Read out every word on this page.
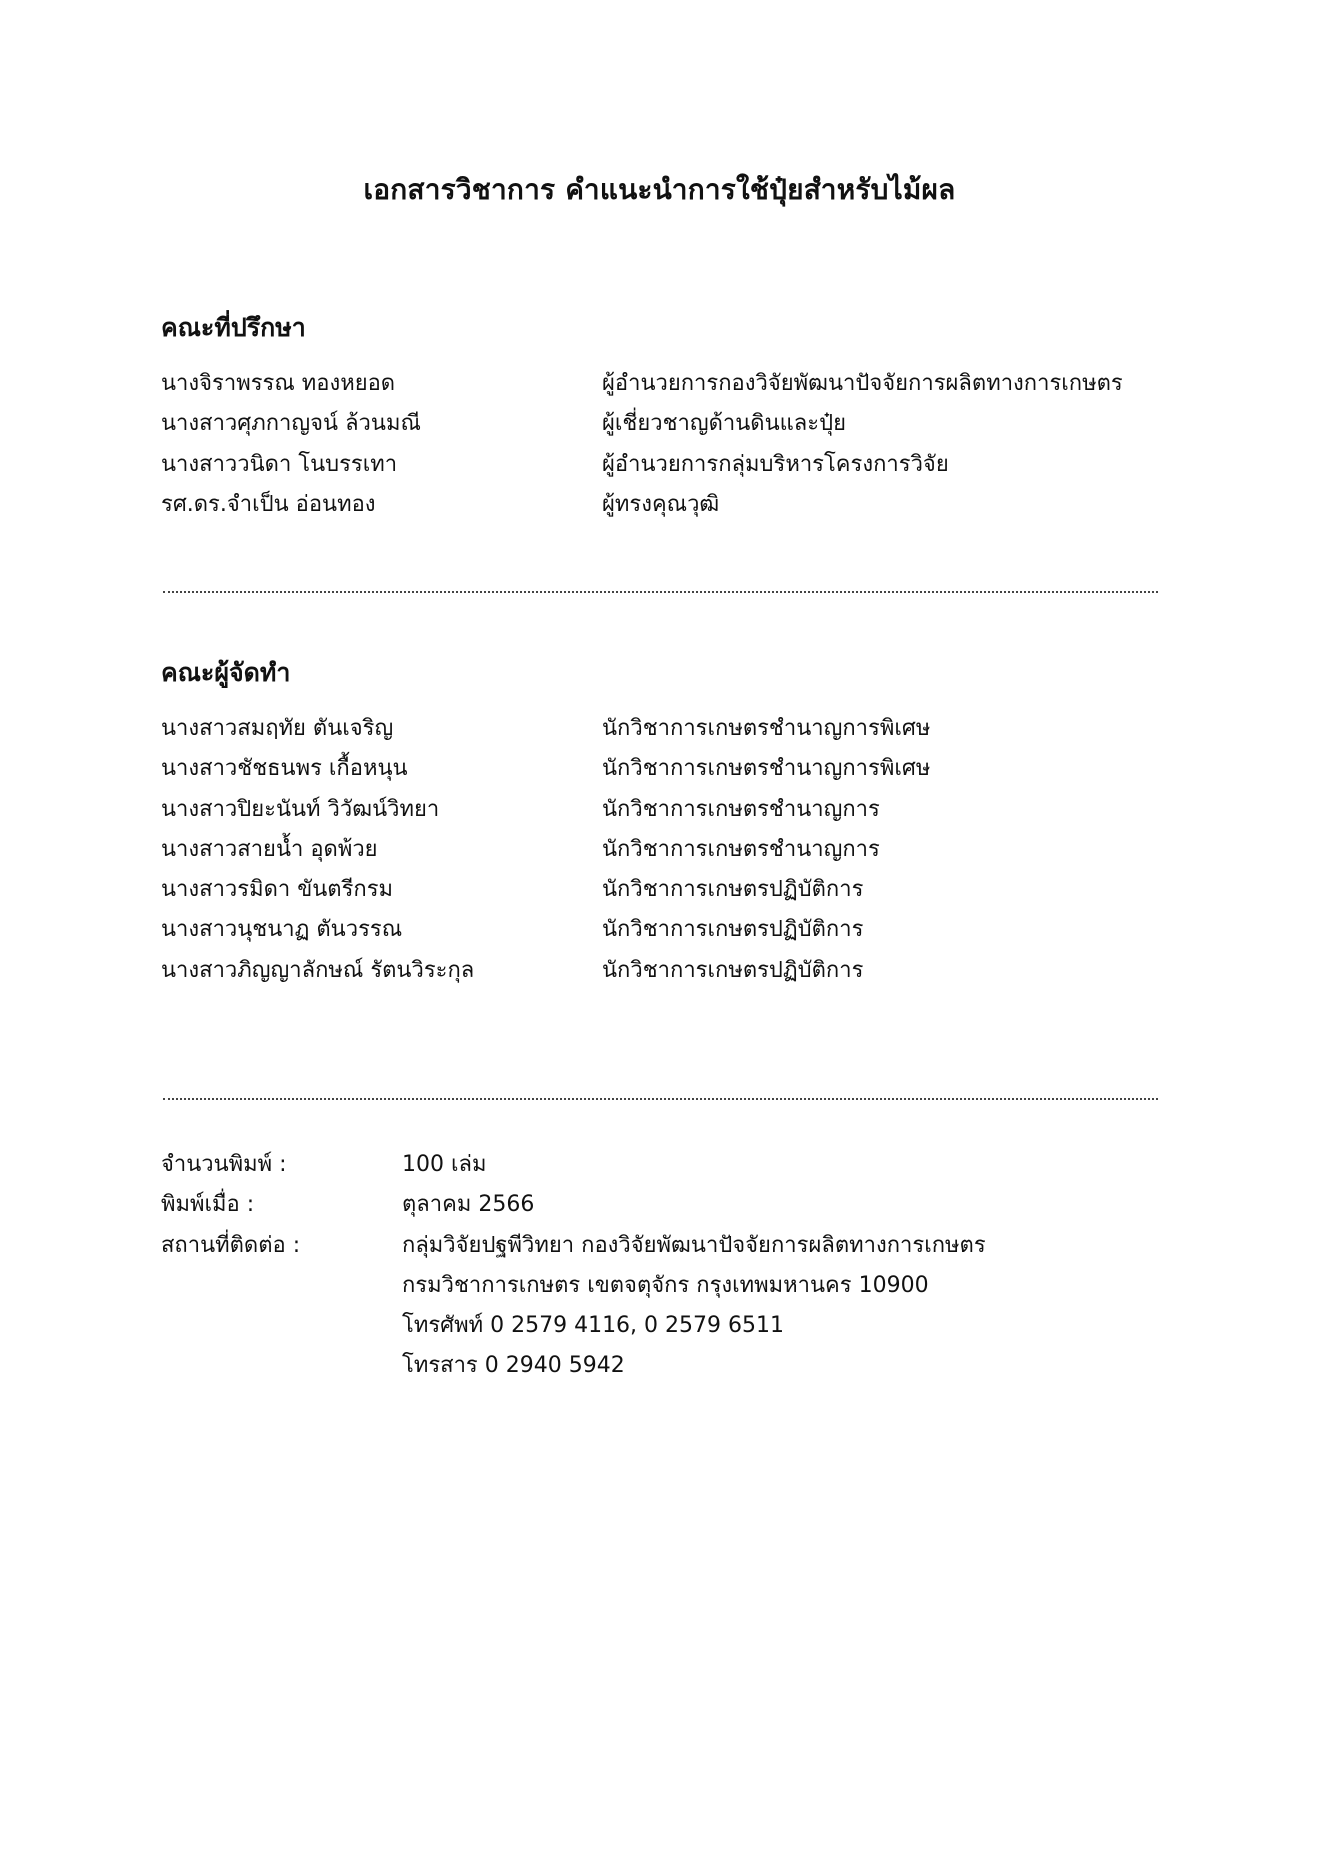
เอกสารวิชาการ คำแนะนำการใช้ปุ๋ยสำหรับไม้ผล
คณะที่ปรึกษา
นางจิราพรรณ ทองหยอด	ผู้อำนวยการกองวิจัยพัฒนาปัจจัยการผลิตทางการเกษตร
นางสาวศุภกาญจน์ ล้วนมณี	ผู้เชี่ยวชาญด้านดินและปุ๋ย
นางสาววนิดา โนบรรเทา	ผู้อำนวยการกลุ่มบริหารโครงการวิจัย
รศ.ดร.จำเป็น อ่อนทอง	ผู้ทรงคุณวุฒิ
คณะผู้จัดทำ
นางสาวสมฤทัย ตันเจริญ	นักวิชาการเกษตรชำนาญการพิเศษ
นางสาวชัชธนพร เกื้อหนุน	นักวิชาการเกษตรชำนาญการพิเศษ
นางสาวปิยะนันท์ วิวัฒน์วิทยา	นักวิชาการเกษตรชำนาญการ
นางสาวสายน้ำ อุดพ้วย	นักวิชาการเกษตรชำนาญการ
นางสาวรมิดา ขันตรีกรม	นักวิชาการเกษตรปฏิบัติการ
นางสาวนุชนาฏ ตันวรรณ	นักวิชาการเกษตรปฏิบัติการ
นางสาวภิญญาลักษณ์ รัตนวิระกุล	นักวิชาการเกษตรปฏิบัติการ
จำนวนพิมพ์ :	100 เล่ม
พิมพ์เมื่อ :	ตุลาคม 2566
สถานที่ติดต่อ :	กลุ่มวิจัยปฐพีวิทยา กองวิจัยพัฒนาปัจจัยการผลิตทางการเกษตร
กรมวิชาการเกษตร เขตจตุจักร กรุงเทพมหานคร 10900
โทรศัพท์ 0 2579 4116, 0 2579 6511
โทรสาร 0 2940 5942
